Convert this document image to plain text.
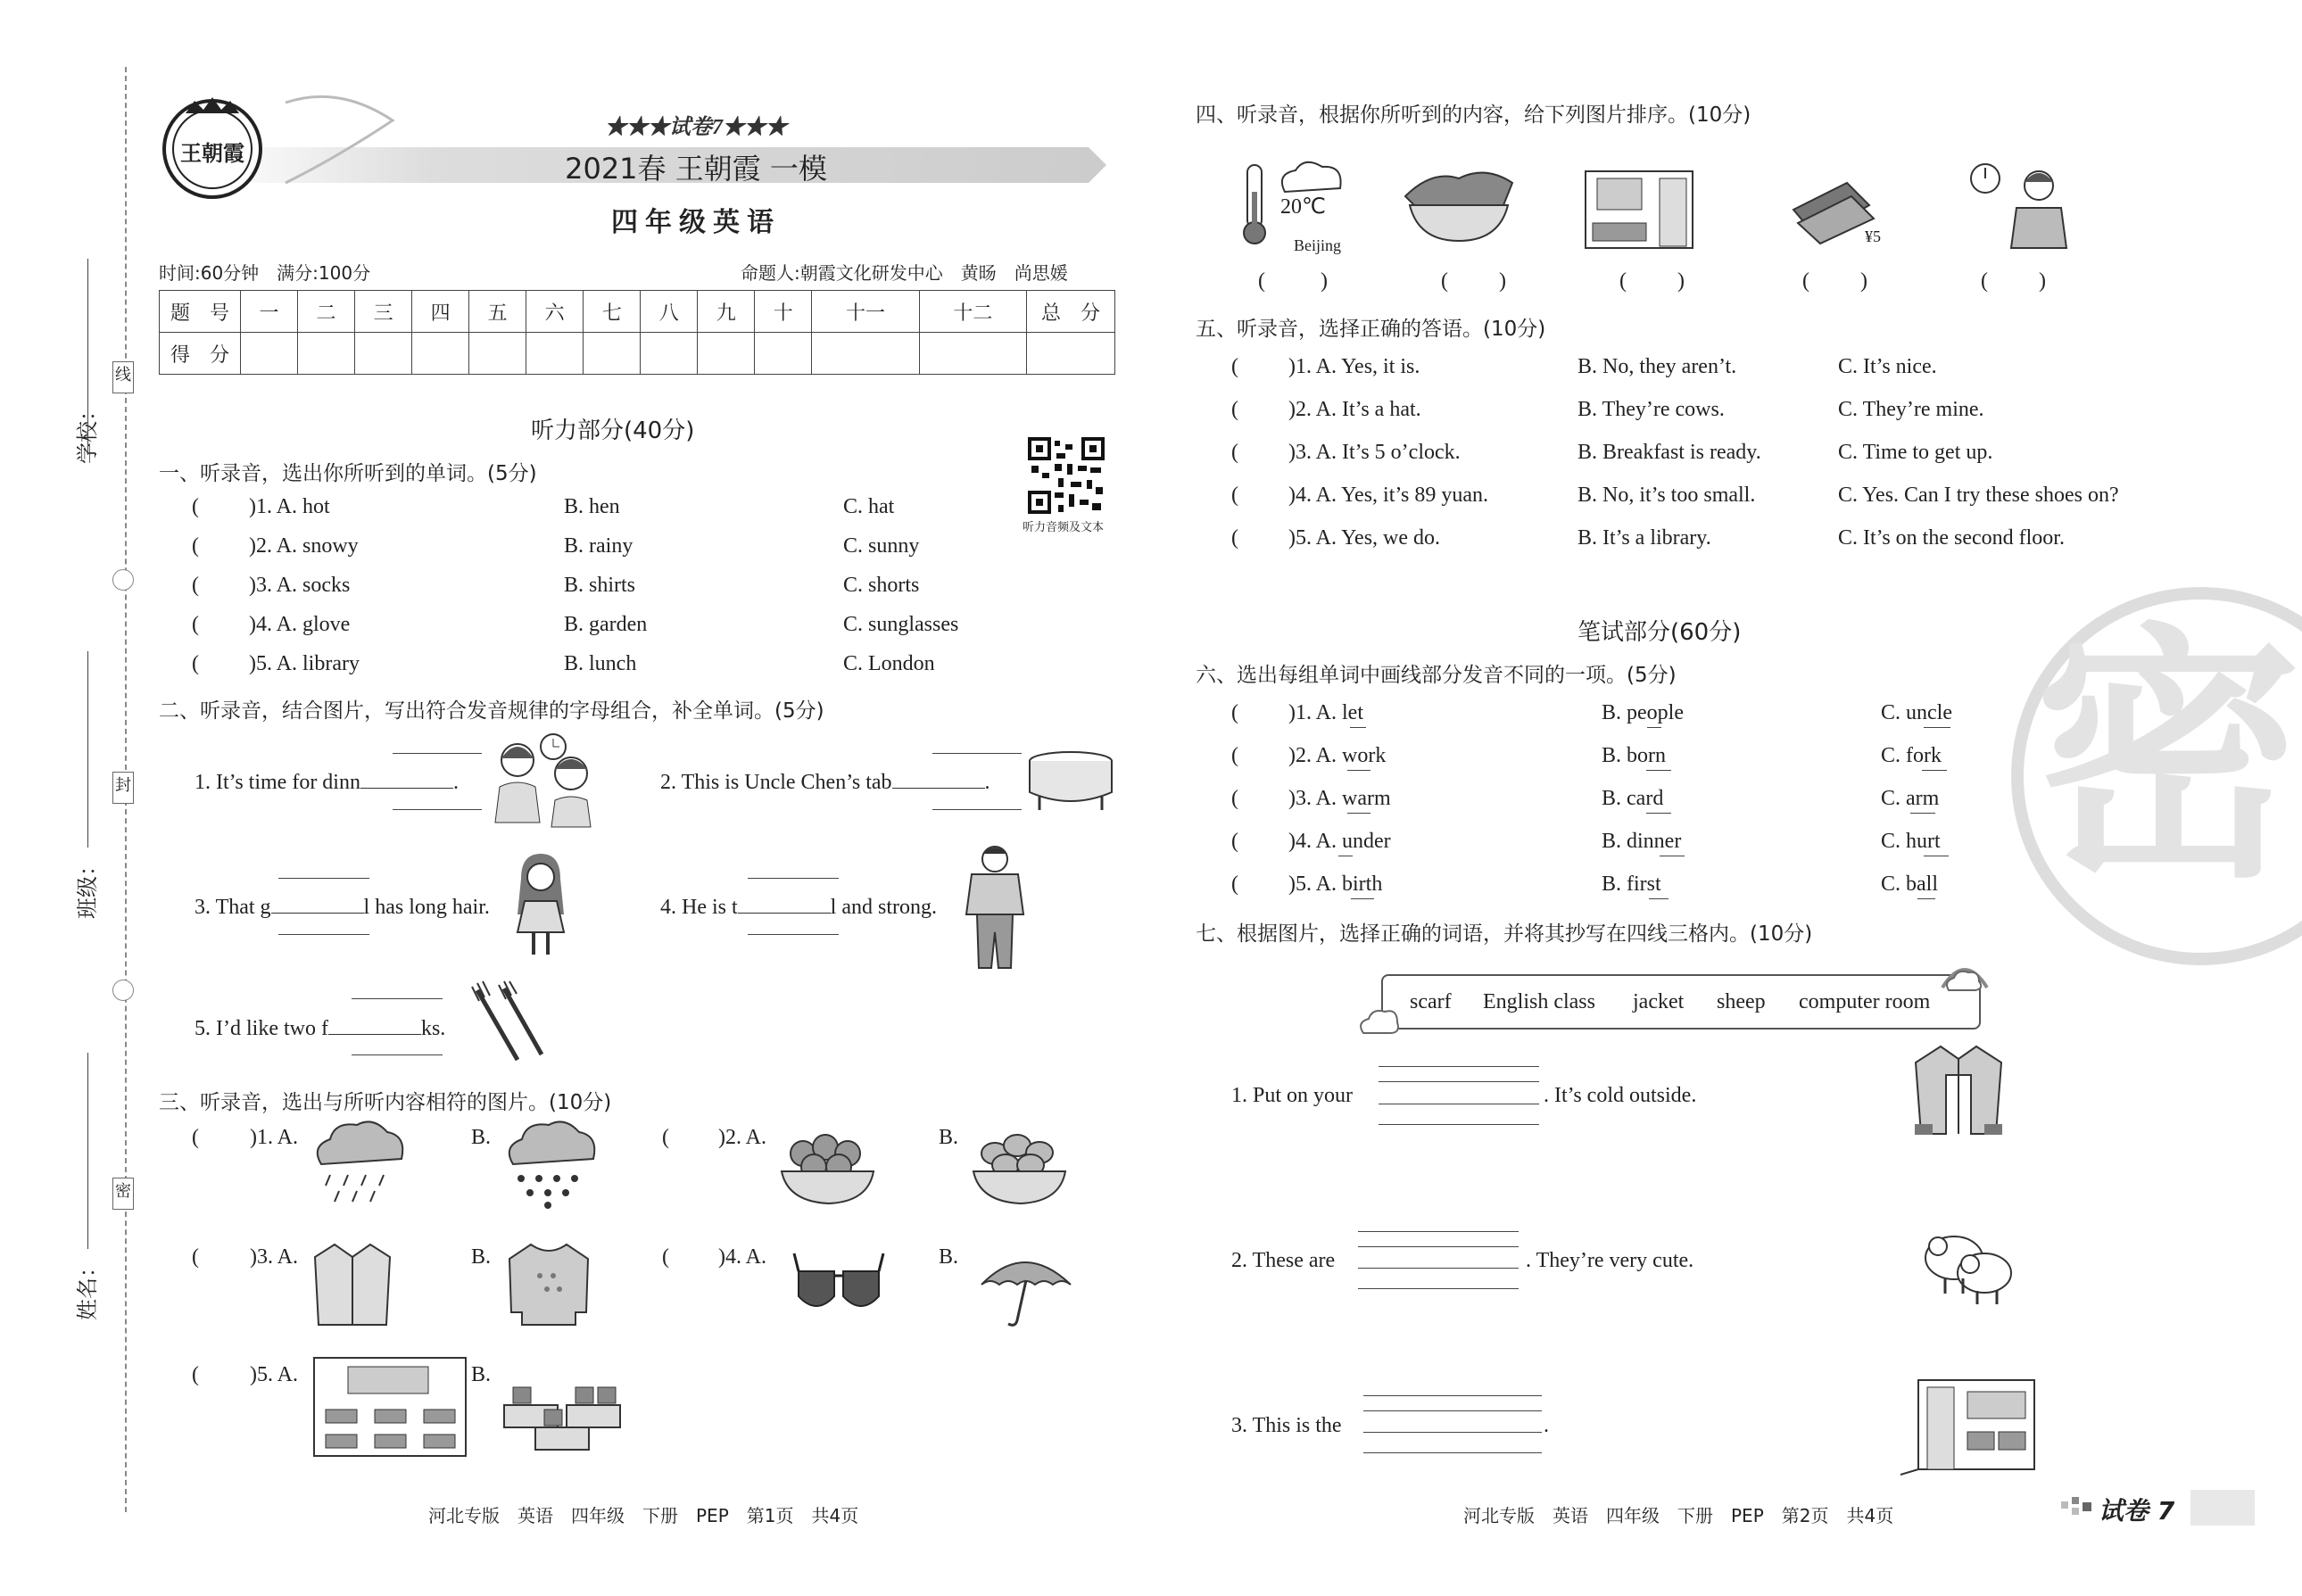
学校：
班级：
姓名：
线
封
密
王朝霞
★★★试卷7★★★
2021春 王朝霞 一模
四年级英语
时间:60分钟　满分:100分	命题人:朝霞文化研发中心　黄旸　尚思媛
题　号	一	二	三	四	五	六	七	八	九	十	十一	十二	总　分
得　分													
听力部分(40分)
听力音频及文本
一、听录音，选出你所听到的单词。(5分)
( )1. A. hot	B. hen	C. hat
( )2. A. snowy	B. rainy	C. sunny
( )3. A. socks	B. shirts	C. shorts
( )4. A. glove	B. garden	C. sunglasses
( )5. A. library	B. lunch	C. London
二、听录音，结合图片，写出符合发音规律的字母组合，补全单词。(5分)
1. It’s time for dinn	.	2. This is Uncle Chen’s tab	.
3. That g	l has long hair.	4. He is t	l and strong.
5. I’d like two f	ks.
三、听录音，选出与所听内容相符的图片。(10分)
( )1. A.	B.	( )2. A.	B.
( )3. A.	B.	( )4. A.	B.
( )5. A.	B.
河北专版　英语　四年级　下册　PEP　第1页　共4页
密
四、听录音，根据你所听到的内容，给下列图片排序。(10分)
20℃
Beijing	¥5
(	)	( )	( )	( )	( )
五、听录音，选择正确的答语。(10分)
( )1. A. Yes, it is.	B. No, they aren’t.	C. It’s nice.
( )2. A. It’s a hat.	B. They’re cows.	C. They’re mine.
( )3. A. It’s 5 o’clock.	B. Breakfast is ready.	C. Time to get up.
( )4. A. Yes, it’s 89 yuan.	B. No, it’s too small.	C. Yes. Can I try these shoes on?
( )5. A. Yes, we do.	B. It’s a library.	C. It’s on the second floor.
笔试部分(60分)
六、选出每组单词中画线部分发音不同的一项。(5分)
( )1. A. let	B. people	C. uncle
( )2. A. work	B. born	C. fork
( )3. A. warm	B. card	C. arm
( )4. A. under	B. dinner	C. hurt
( )5. A. birth	B. first	C. ball
七、根据图片，选择正确的词语，并将其抄写在四线三格内。(10分)
scarf English class jacket sheep computer room
1. Put on your	. It’s cold outside.
2. These are	. They’re very cute.
3. This is the	.
河北专版　英语　四年级　下册　PEP　第2页　共4页	试卷 7
